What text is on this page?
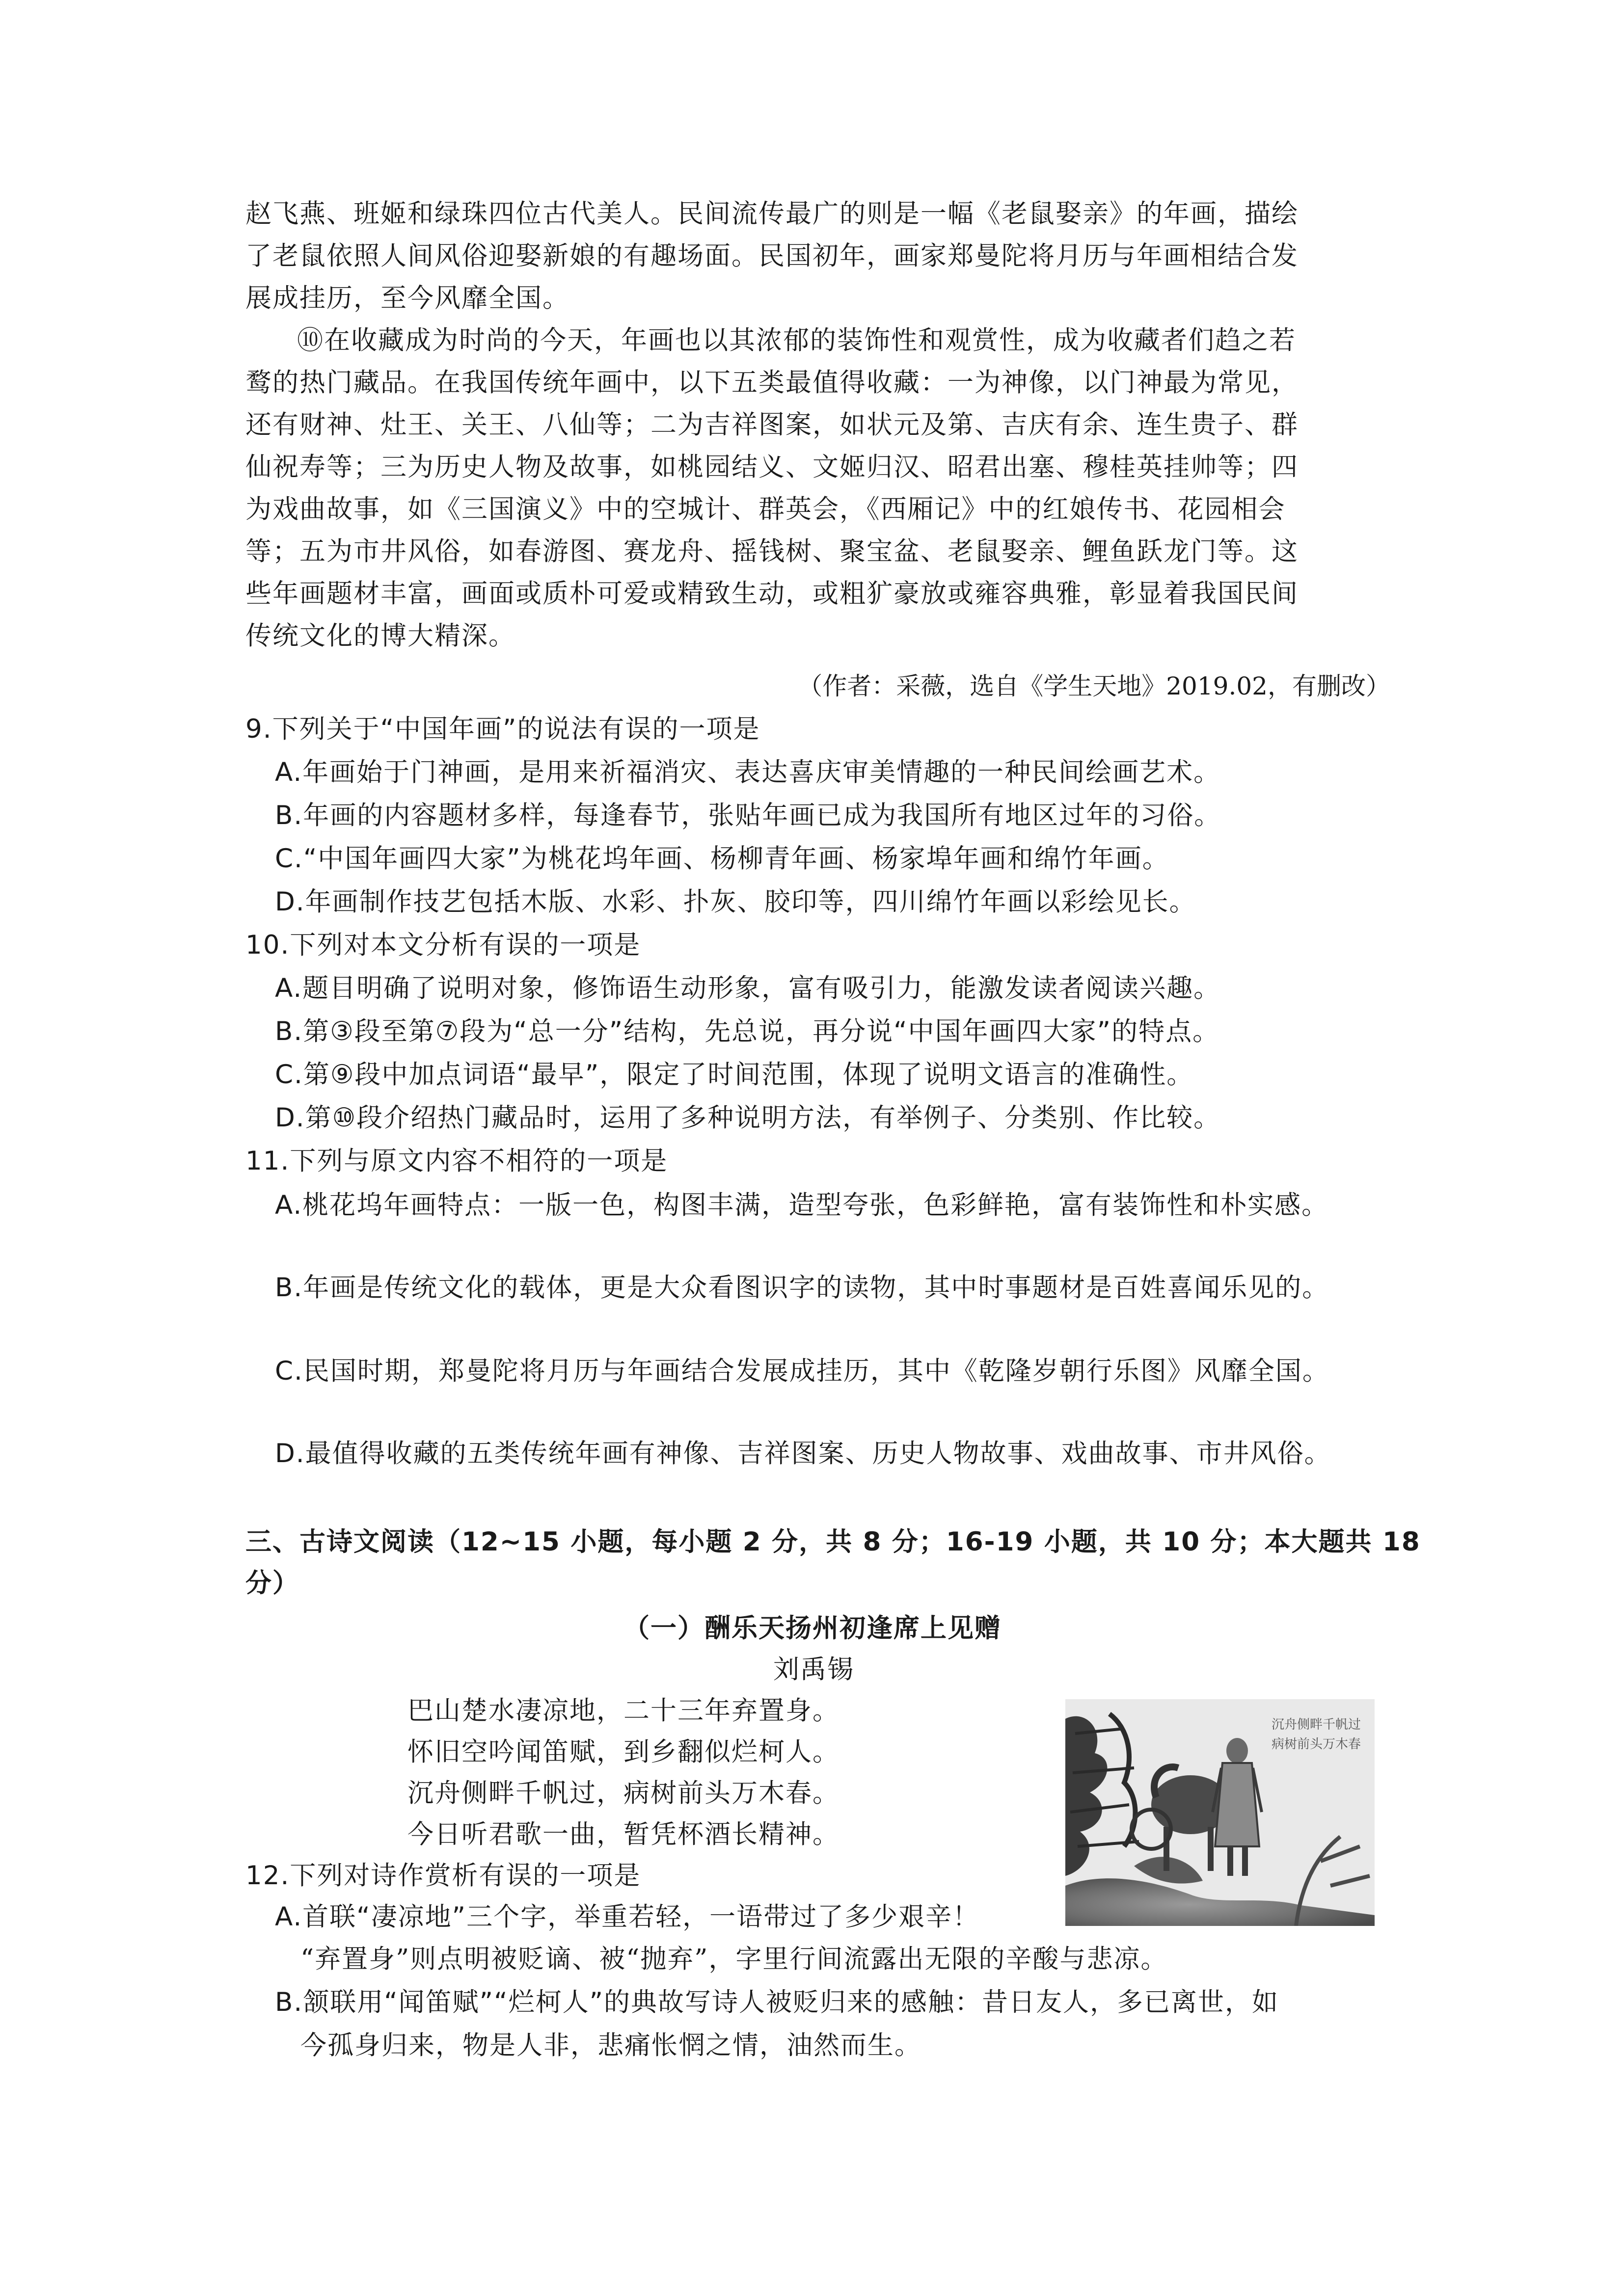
赵飞燕、班姬和绿珠四位古代美人。民间流传最广的则是一幅《老鼠娶亲》的年画，描绘
了老鼠依照人间风俗迎娶新娘的有趣场面。民国初年，画家郑曼陀将月历与年画相结合发
展成挂历，至今风靡全国。
⑩在收藏成为时尚的今天，年画也以其浓郁的装饰性和观赏性，成为收藏者们趋之若
鹜的热门藏品。在我国传统年画中，以下五类最值得收藏：一为神像，以门神最为常见，
还有财神、灶王、关王、八仙等；二为吉祥图案，如状元及第、吉庆有余、连生贵子、群
仙祝寿等；三为历史人物及故事，如桃园结义、文姬归汉、昭君出塞、穆桂英挂帅等；四
为戏曲故事，如《三国演义》中的空城计、群英会，《西厢记》中的红娘传书、花园相会
等；五为市井风俗，如春游图、赛龙舟、摇钱树、聚宝盆、老鼠娶亲、鲤鱼跃龙门等。这
些年画题材丰富，画面或质朴可爱或精致生动，或粗犷豪放或雍容典雅，彰显着我国民间
传统文化的博大精深。
（作者：采薇，选自《学生天地》2019.02，有删改）
9.下列关于“中国年画”的说法有误的一项是
A.年画始于门神画，是用来祈福消灾、表达喜庆审美情趣的一种民间绘画艺术。
B.年画的内容题材多样，每逢春节，张贴年画已成为我国所有地区过年的习俗。
C.“中国年画四大家”为桃花坞年画、杨柳青年画、杨家埠年画和绵竹年画。
D.年画制作技艺包括木版、水彩、扑灰、胶印等，四川绵竹年画以彩绘见长。
10.下列对本文分析有误的一项是
A.题目明确了说明对象，修饰语生动形象，富有吸引力，能激发读者阅读兴趣。
B.第③段至第⑦段为“总一分”结构，先总说，再分说“中国年画四大家”的特点。
C.第⑨段中加点词语“最早”，限定了时间范围，体现了说明文语言的准确性。
D.第⑩段介绍热门藏品时，运用了多种说明方法，有举例子、分类别、作比较。
11.下列与原文内容不相符的一项是
A.桃花坞年画特点：一版一色，构图丰满，造型夸张，色彩鲜艳，富有装饰性和朴实感。
B.年画是传统文化的载体，更是大众看图识字的读物，其中时事题材是百姓喜闻乐见的。
C.民国时期，郑曼陀将月历与年画结合发展成挂历，其中《乾隆岁朝行乐图》风靡全国。
D.最值得收藏的五类传统年画有神像、吉祥图案、历史人物故事、戏曲故事、市井风俗。
三、古诗文阅读（12~15 小题，每小题 2 分，共 8 分；16-19 小题，共 10 分；本大题共 18
分）
（一）酬乐天扬州初逢席上见赠
刘禹锡
巴山楚水凄凉地，二十三年弃置身。
怀旧空吟闻笛赋，到乡翻似烂柯人。
沉舟侧畔千帆过，病树前头万木春。
今日听君歌一曲，暂凭杯酒长精神。
12.下列对诗作赏析有误的一项是
A.首联“凄凉地”三个字，举重若轻，一语带过了多少艰辛！
“弃置身”则点明被贬谪、被“抛弃”，字里行间流露出无限的辛酸与悲凉。
B.颔联用“闻笛赋”“烂柯人”的典故写诗人被贬归来的感触：昔日友人，多已离世，如
今孤身归来，物是人非，悲痛怅惘之情，油然而生。
沉舟侧畔千帆过
病树前头万木春
